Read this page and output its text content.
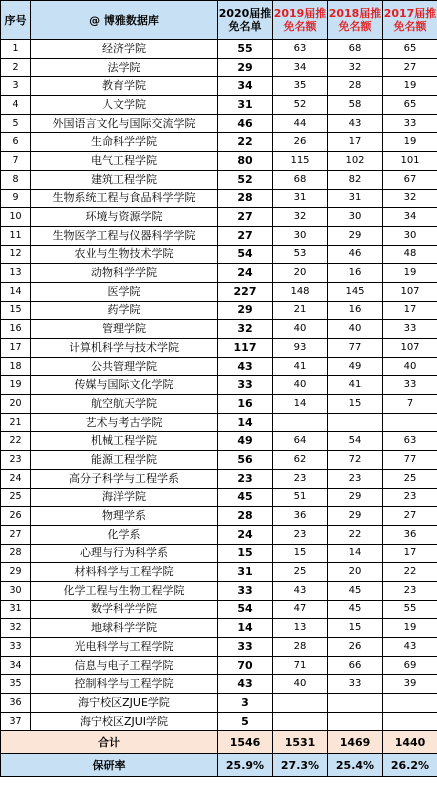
序号	@ 博雅数据库	2020届推免名单	2019届推免名额	2018届推免名额	2017届推免名额
1	经济学院	55	63	68	65
2	法学院	29	34	32	27
3	教育学院	34	35	28	19
4	人文学院	31	52	58	65
5	外国语言文化与国际交流学院	46	44	43	33
6	生命科学学院	22	26	17	19
7	电气工程学院	80	115	102	101
8	建筑工程学院	52	68	82	67
9	生物系统工程与食品科学学院	28	31	31	32
10	环境与资源学院	27	32	30	34
11	生物医学工程与仪器科学学院	27	30	29	30
12	农业与生物技术学院	54	53	46	48
13	动物科学学院	24	20	16	19
14	医学院	227	148	145	107
15	药学院	29	21	16	17
16	管理学院	32	40	40	33
17	计算机科学与技术学院	117	93	77	107
18	公共管理学院	43	41	49	40
19	传媒与国际文化学院	33	40	41	33
20	航空航天学院	16	14	15	7
21	艺术与考古学院	14			
22	机械工程学院	49	64	54	63
23	能源工程学院	56	62	72	77
24	高分子科学与工程学系	23	23	23	25
25	海洋学院	45	51	29	23
26	物理学系	28	36	29	27
27	化学系	24	23	22	36
28	心理与行为科学系	15	15	14	17
29	材料科学与工程学院	31	25	20	22
30	化学工程与生物工程学院	33	43	45	23
31	数学科学学院	54	47	45	55
32	地球科学学院	14	13	15	19
33	光电科学与工程学院	33	28	26	43
34	信息与电子工程学院	70	71	66	69
35	控制科学与工程学院	43	40	33	39
36	海宁校区ZJUE学院	3			
37	海宁校区ZJUI学院	5			
合计		1546	1531	1469	1440
保研率		25.9%	27.3%	25.4%	26.2%
